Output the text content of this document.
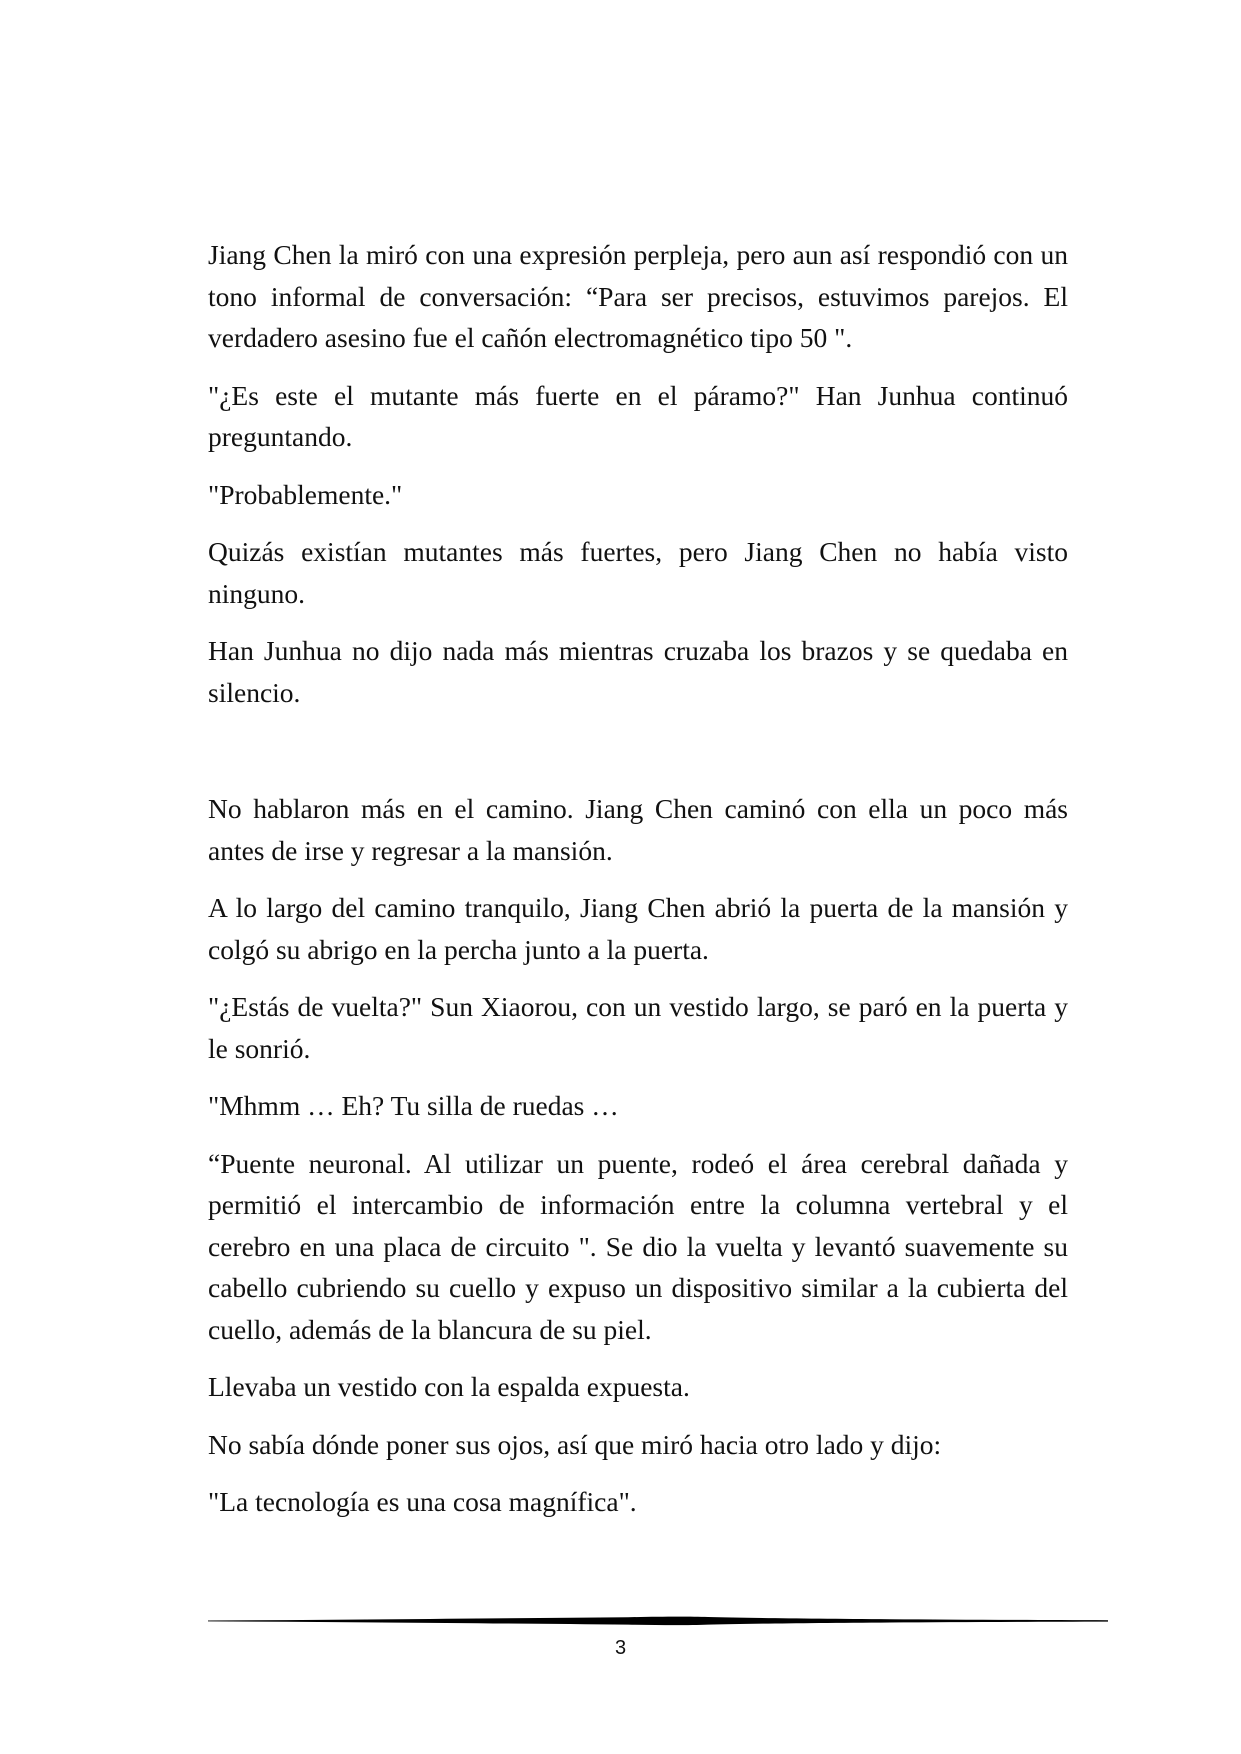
Jiang Chen la miró con una expresión perpleja, pero aun así respondió con un tono informal de conversación: “Para ser precisos, estuvimos parejos. El verdadero asesino fue el cañón electromagnético tipo 50 ".

"¿Es este el mutante más fuerte en el páramo?" Han Junhua continuó preguntando.

"Probablemente."

Quizás existían mutantes más fuertes, pero Jiang Chen no había visto ninguno.

Han Junhua no dijo nada más mientras cruzaba los brazos y se quedaba en silencio.

No hablaron más en el camino. Jiang Chen caminó con ella un poco más antes de irse y regresar a la mansión.

A lo largo del camino tranquilo, Jiang Chen abrió la puerta de la mansión y colgó su abrigo en la percha junto a la puerta.

"¿Estás de vuelta?" Sun Xiaorou, con un vestido largo, se paró en la puerta y le sonrió.

"Mhmm … Eh? Tu silla de ruedas …

“Puente neuronal. Al utilizar un puente, rodeó el área cerebral dañada y permitió el intercambio de información entre la columna vertebral y el cerebro en una placa de circuito ". Se dio la vuelta y levantó suavemente su cabello cubriendo su cuello y expuso un dispositivo similar a la cubierta del cuello, además de la blancura de su piel.

Llevaba un vestido con la espalda expuesta.

No sabía dónde poner sus ojos, así que miró hacia otro lado y dijo:

"La tecnología es una cosa magnífica".

3
